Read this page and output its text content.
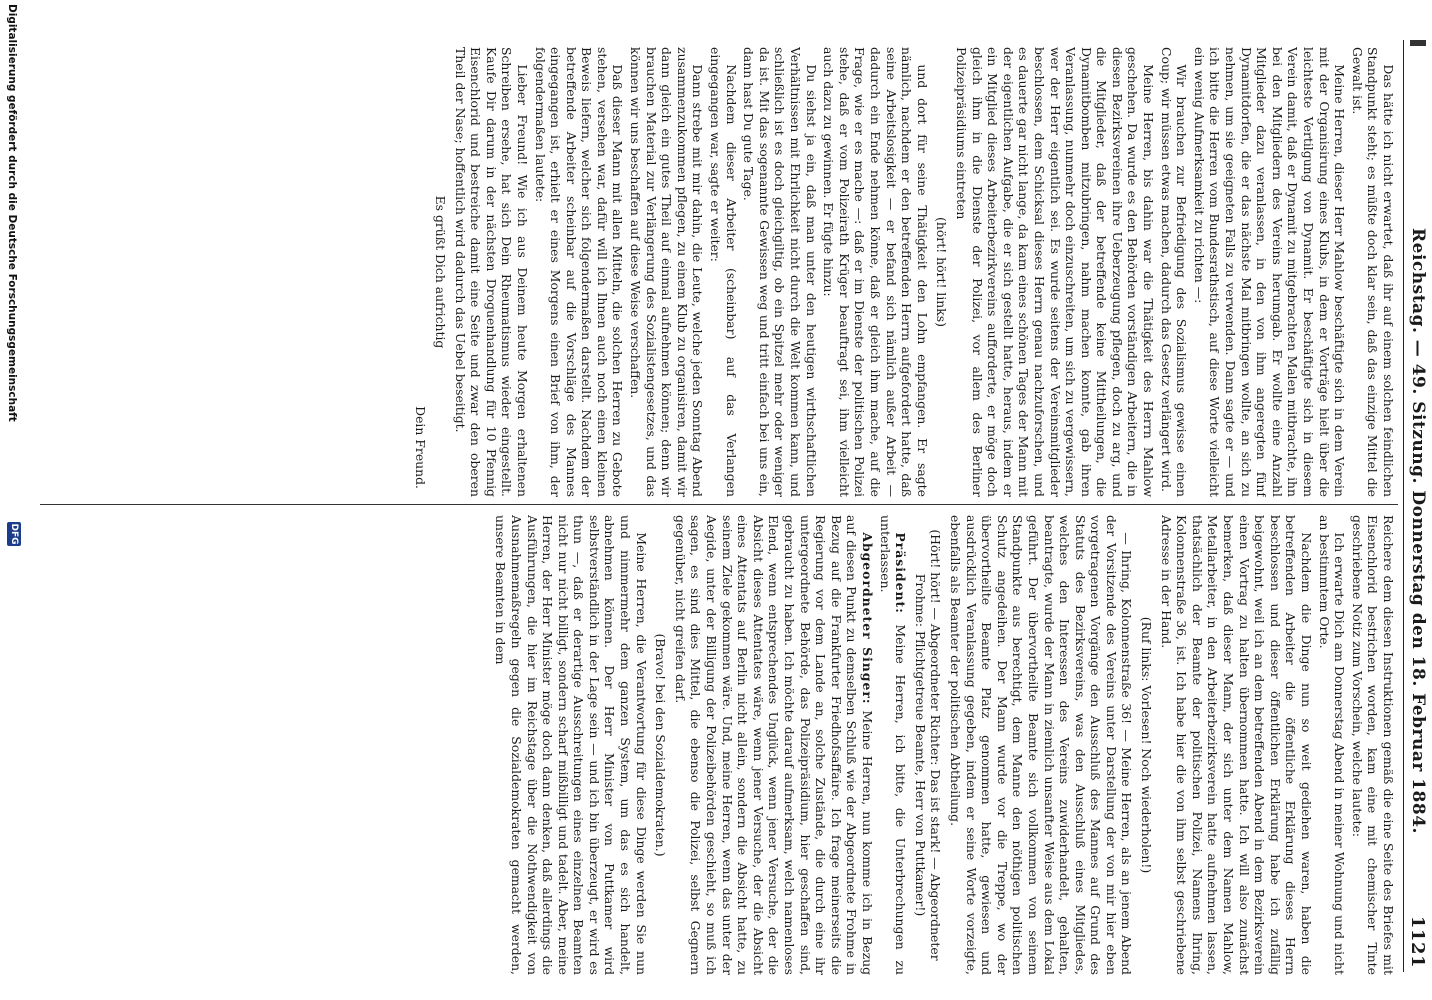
Reichstag. — 49. Sitzung. Donnerstag den 18. Februar 1884.
1121

Das hätte ich nicht erwartet, daß ihr auf einem solchen feindlichen Standpunkt steht; es müßte doch klar sein, daß das einzige Mittel die Gewalt ist.

Meine Herren, dieser Herr Mahlow beschäftigte sich in dem Verein mit der Organisirung eines Klubs, in dem er Vorträge hielt über die leichteste Vertilgung von Dynamit. Er beschäftigte sich in diesem Verein damit, daß er Dynamit zu mitgebrachten Malen mitbrachte, ihn bei den Mitgliedern des Vereins herumgab. Er wollte eine Anzahl Mitglieder dazu veranlassen, in den von ihm angeregten fünf Dynamitdorfen, die er das nächste Mal mitbringen wollte, an sich zu nehmen, um sie geeigneten Falls zu verwenden. Dann sagte er — und ich bitte die Herren vom Bundesrathstisch, auf diese Worte vielleicht ein wenig Aufmerksamkeit zu richten —:

Wir brauchen zur Befriedigung des Sozialismus gewisse einen Coup; wir müssen etwas machen, dadurch das Gesetz verlängert wird.

Meine Herren, bis dahin war die Thätigkeit des Herrn Mahlow geschehen. Da wurde es den Behörden vorständigen Arbeitern, die in diesen Bezirksvereinen ihre Ueberzeugung pflegen, doch zu arg, und die Mitglieder, daß der betreffende keine Mittheilungen, die Dynamitbomben mitzubringen, nahm machen konnte, gab ihren Veranlassung, nunmehr doch einzuschreiten, um sich zu vergewissern, wer der Herr eigentlich sei. Es wurde seitens der Vereinsmitglieder beschlossen, dem Schicksal dieses Herrn genau nachzuforschen, und es dauerte gar nicht lange, da kam eines schönen Tages der Mann mit der eigentlichen Aufgabe, die er sich gestellt hatte, heraus, indem er ein Mitglied dieses Arbeiterbezirkvereins aufforderte, er möge doch gleich ihm in die Dienste der Polizei, vor allem des Berliner Polizeipräsidiums eintreten

(hört! hört! links)

und dort für seine Thätigkeit den Lohn empfangen. Er sagte nämlich, nachdem er den betreffenden Herrn aufgefordert hatte, daß seine Arbeitslosigkeit — er befand sich nämlich außer Arbeit — dadurch ein Ende nehmen könne, daß er gleich ihm mache, auf die Frage, wie er es mache —: daß er im Dienste der politischen Polizei stehe, daß er vom Polizeirath Krüger beauftragt sei, ihm vielleicht auch dazu zu gewinnen. Er fügte hinzu:

Du siehst ja ein, daß man unter den heutigen wirthschaftlichen Verhältnissen mit Ehrlichkeit nicht durch die Welt kommen kann, und schließlich ist es doch gleichgiltig, ob ein Spitzel mehr oder weniger da ist. Mit das sogenannte Gewissen weg und tritt einfach bei uns ein, dann hast Du gute Tage.

Nachdem dieser Arbeiter (scheinbar) auf das Verlangen eingegangen war, sagte er weiter:

Dann strebe mit mir dahin, die Leute, welche jeden Sonntag Abend zusammenzukommen pflegen, zu einem Klub zu organisiren, damit wir dann gleich ein gutes Theil auf einmal aufnehmen können; denn wir brauchen Material zur Verlängerung des Sozialistengesetzes, und das können wir uns beschaffen auf diese Weise verschaffen.

Daß dieser Mann mit allen Mitteln, die solchen Herren zu Gebote stehen, versehen war, dafür will ich Ihnen auch noch einen kleinen Beweis liefern, welcher sich folgendermaßen darstellt. Nachdem der betreffende Arbeiter scheinbar auf die Vorschläge des Mannes eingegangen ist, erhielt er eines Morgens einen Brief von ihm, der folgendermaßen lautete:

Lieber Freund! Wie ich aus Deinem heute Morgen erhaltenen Schreiben ersehe, hat sich Dein Rheumatismus wieder eingestellt. Kaufe Dir darum in der nächsten Droguenhandlung für 10 Pfennig Eisenchlorid und bestreiche damit eine Seite und zwar den oberen Theil der Nase; hoffentlich wird dadurch das Uebel beseitigt.

Es grüßt Dich aufrichtig

Dein Freund.

Reichere dem diesen Instruktionen gemäß die eine Seite des Briefes mit Eisenchlorid bestrichen worden, kam eine mit chemischer Tinte geschriebene Notiz zum Vorschein, welche lautete:

Ich erwarte Dich am Donnerstag Abend in meiner Wohnung und nicht an bestimmtem Orte.

Nachdem die Dinge nun so weit gediehen waren, haben die betreffenden Arbeiter die öffentliche Erklärung dieses Herrn beschlossen und dieser öffentlichen Erklärung habe ich zufällig beigewohnt, weil ich an dem betreffenden Abend in dem Bezirksverein einen Vortrag zu halten übernommen hatte. Ich will also zunächst bemerken, daß dieser Mann, der sich unter dem Namen Mahlow, Metallarbeiter, in den Arbeiterbezirksverein hatte aufnehmen lassen, thatsächlich der Beamte der politischen Polizei, Namens Ihring, Kolonnenstraße 36, ist. Ich habe hier die von ihm selbst geschriebene Adresse in der Hand.

(Ruf links: Vorlesen! Noch wiederholen!)

— Ihring, Kolonnenstraße 36! — Meine Herren, als an jenem Abend der Vorsitzende des Vereins unter Darstellung der von mir hier eben vorgetragenen Vorgänge den Ausschluß des Mannes auf Grund des Statuts des Bezirksvereins, was den Ausschluß eines Mitgliedes, welches den Interessen des Vereins zuwiderhandelt, gehalten, beantragte, wurde der Mann in ziemlich unsanfter Weise aus dem Lokal geführt. Der übervortheilte Beamte sich vollkommen von seinem Standpunkte aus berechtigt, dem Manne den nöthigen politischen Schutz angedeihen. Der Mann wurde vor die Treppe, wo der übervortheilte Beamte Platz genommen hatte, gewiesen und ausdrücklich Veranlassung gegeben, indem er seine Worte vorzeigte, ebenfalls als Beamter der politischen Abtheilung.

(Hört! hört! — Abgeordneter Richter: Das ist stark! — Abgeordneter Frohme: Pflichtgetreue Beamte, Herr von Puttkamer!)

Präsident: Meine Herren, ich bitte, die Unterbrechungen zu unterlassen.

Abgeordneter Singer: Meine Herren, nun komme ich in Bezug auf diesen Punkt zu demselben Schluß wie der Abgeordnete Frohme in Bezug auf die Frankfurter Friedhofsaffaire. Ich frage meinerseits die Regierung vor dem Lande an, solche Zustände, die durch eine ihr untergeordnete Behörde, das Polizeipräsidium, hier geschaffen sind, gebraucht zu haben. Ich möchte darauf aufmerksam, welch namenloses Elend, wenn entsprechendes Unglück, wenn jener Versuche, der die Absicht dieses Attentates wäre, wenn jener Versuche, der die Absicht eines Attentats auf Berlin nicht allein, sondern die Absicht hatte, zu seinem Ziele gekommen wäre. Und, meine Herren, wenn das unter der Aegide, unter der Billigung der Polizeibehörden geschieht, so muß ich sagen, es sind dies Mittel, die ebenso die Polizei, selbst Gegnern gegenüber, nicht greifen darf.

(Bravo! bei den Sozialdemokraten.)

Meine Herren, die Verantwortung für diese Dinge werden Sie nun und nimmermehr dem ganzen System, um das es sich handelt, abnehmen können. Der Herr Minister von Puttkamer wird selbstverständlich in der Lage sein — und ich bin überzeugt, er wird es thun —, daß er derartige Ausschreitungen eines einzelnen Beamten nicht nur nicht billigt, sondern scharf mißbilligt und tadelt. Aber, meine Herren, der Herr Minister möge doch dann denken, daß allerdings die Ausführungen, die hier im Reichstage über die Nothwendigkeit von Ausnahmemaßregeln gegen die Sozialdemokraten gemacht werden, unsere Beamten in dem

Digitalisierung gefördert durch die Deutsche Forschungsgemeinschaft
DFG
